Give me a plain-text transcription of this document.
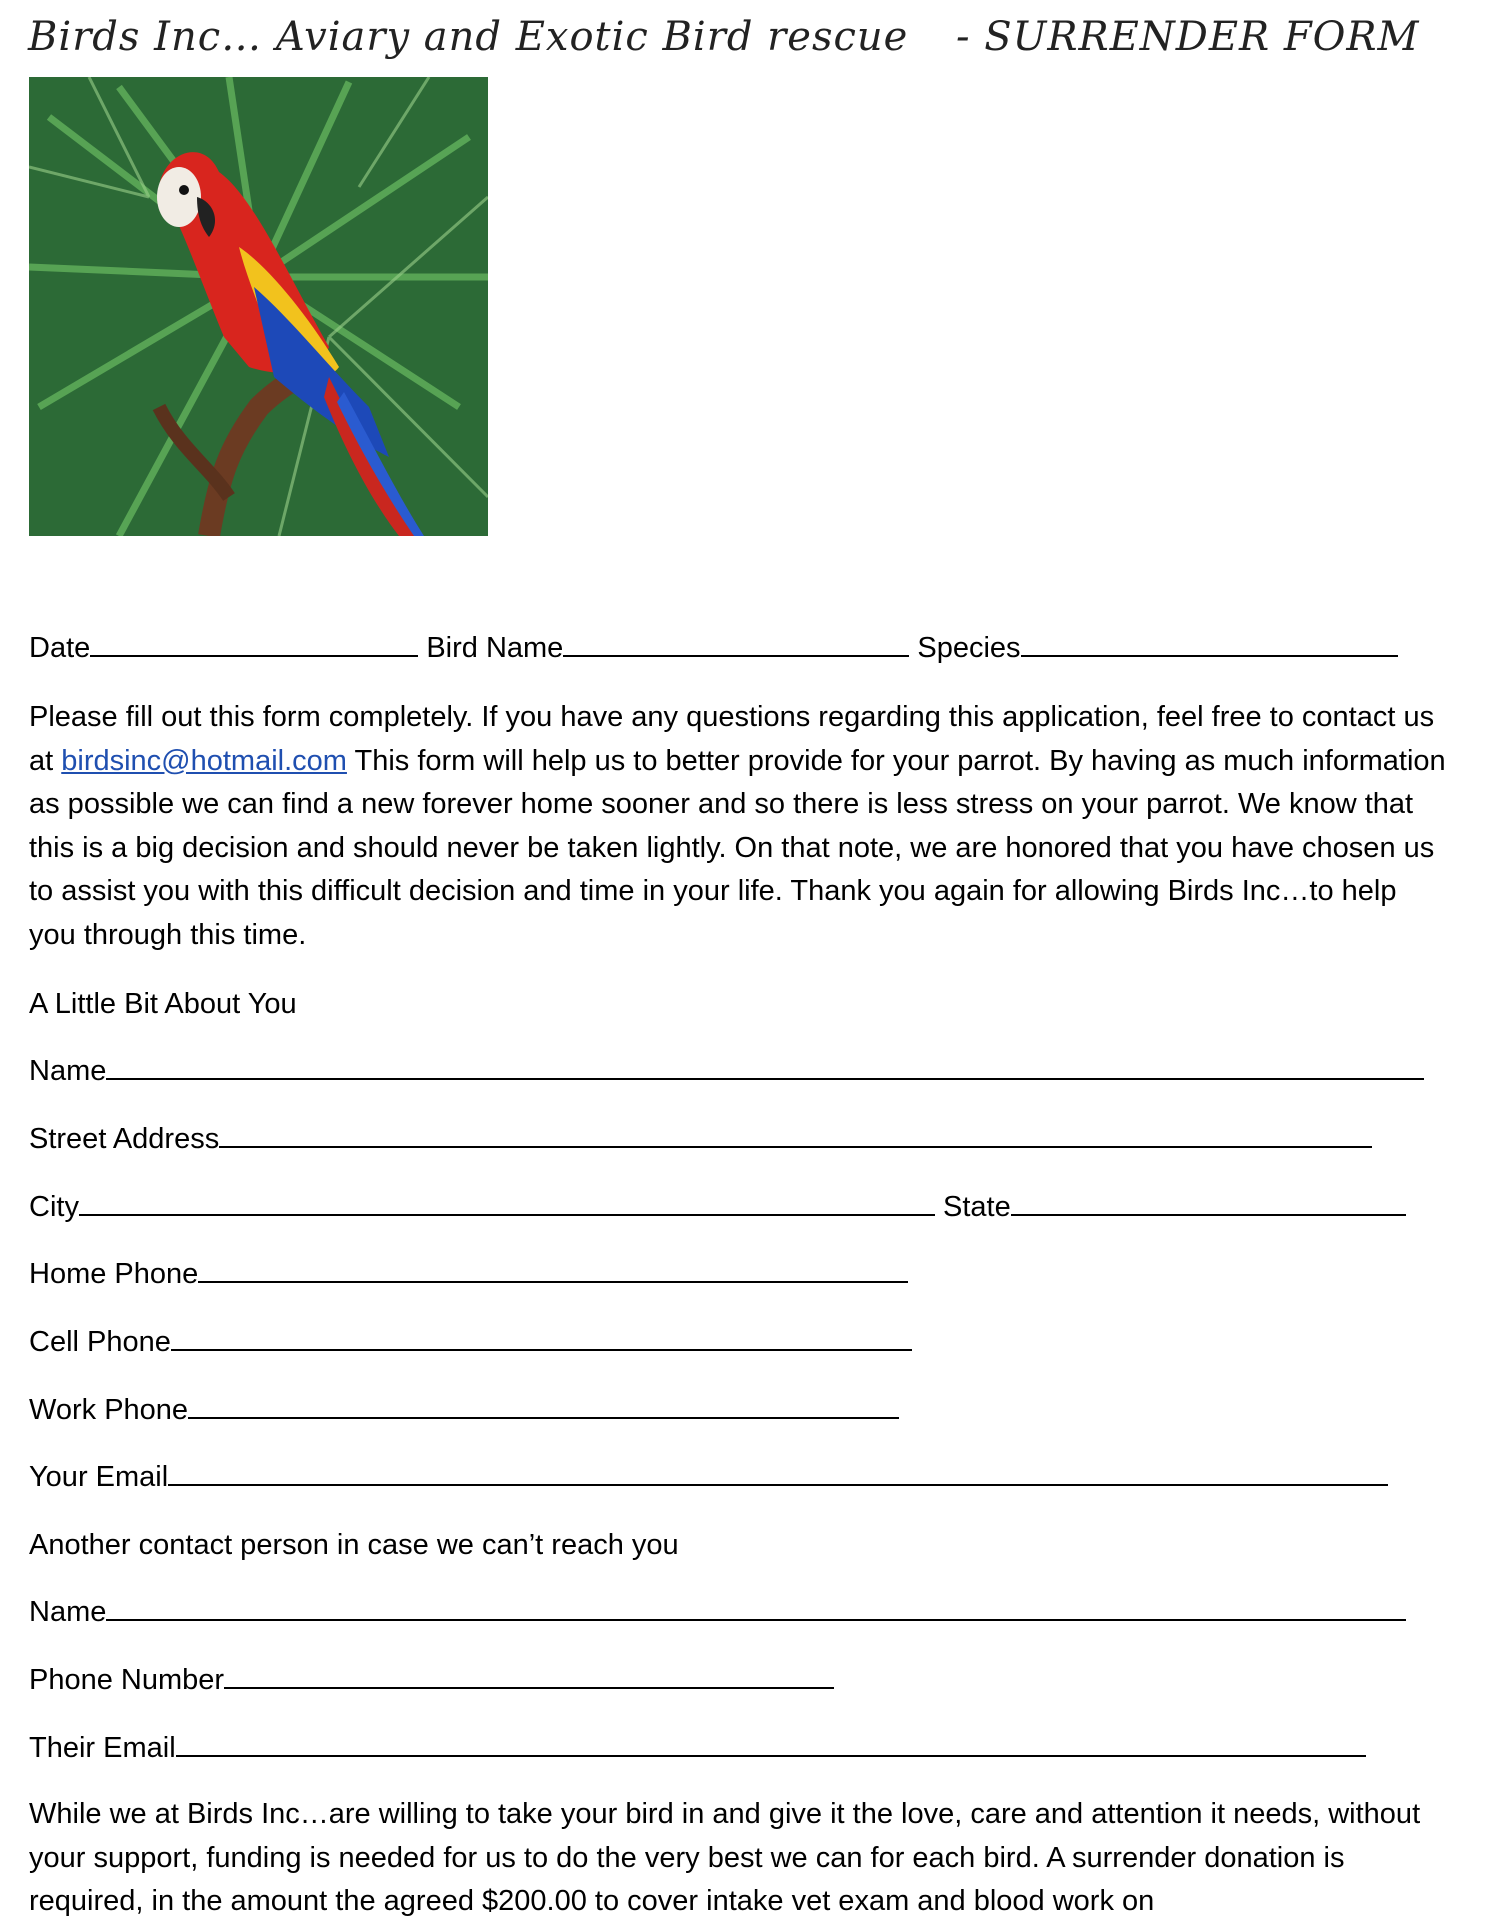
Birds Inc… Aviary and Exotic Bird rescue - SURRENDER FORM
Date	Bird Name	Species
Please fill out this form completely. If you have any questions regarding this application, feel free to contact us at birdsinc@hotmail.com This form will help us to better provide for your parrot. By having as much information as possible we can find a new forever home sooner and so there is less stress on your parrot. We know that this is a big decision and should never be taken lightly. On that note, we are honored that you have chosen us to assist you with this difficult decision and time in your life. Thank you again for allowing Birds Inc…to help you through this time.
A Little Bit About You
Name
Street Address
City	State
Home Phone
Cell Phone
Work Phone
Your Email
Another contact person in case we can’t reach you
Name
Phone Number
Their Email
While we at Birds Inc…are willing to take your bird in and give it the love, care and attention it needs, without your support, funding is needed for us to do the very best we can for each bird. A surrender donation is required, in the amount the agreed $200.00 to cover intake vet exam and blood work on
